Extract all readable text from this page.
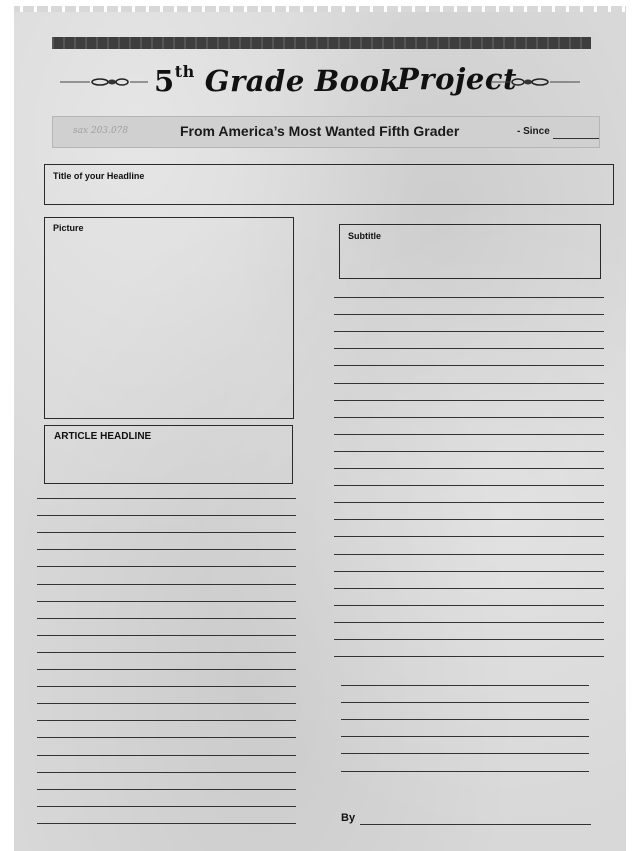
5th Grade Book
Project
sax 203.078	From America’s Most Wanted Fifth Grader	- Since
Title of your Headline
Picture
Subtitle
ARTICLE HEADLINE
By
